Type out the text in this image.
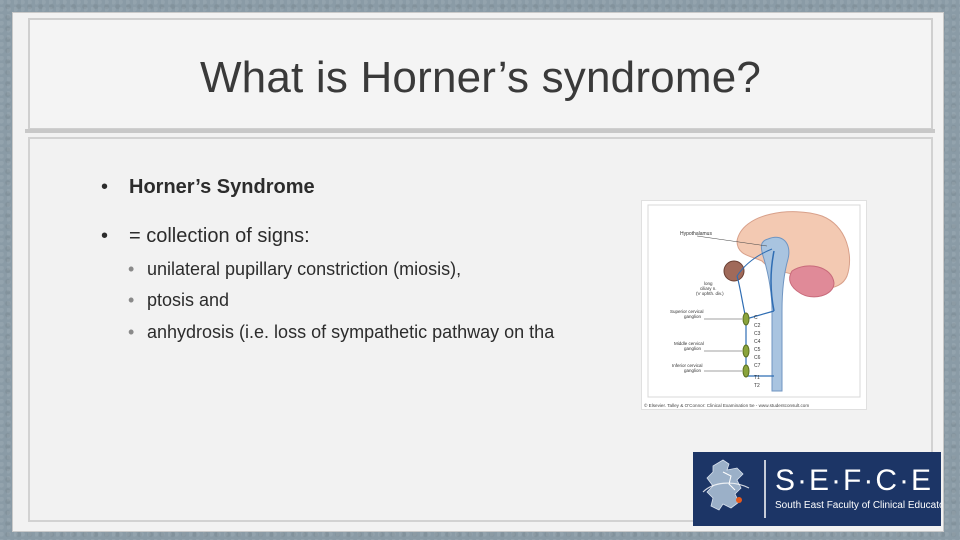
What is Horner’s syndrome?
• Horner’s Syndrome
• = collection of signs:
• unilateral pupillary constriction (miosis),
• ptosis and
• anhydrosis (i.e. loss of sympathetic pathway on tha
Hypothalamus
long ciliary n. (V ophth. div.)
Superior cervical ganglion
Middle cervical ganglion
Inferior cervical ganglion
C
C2
C3
C4
C5
C6
C7
T1
T2
© Elsevier. Talley & O’Connor: Clinical Examination 5e - www.studentconsult.com
S·E·F·C·E
South East Faculty of Clinical Educators
